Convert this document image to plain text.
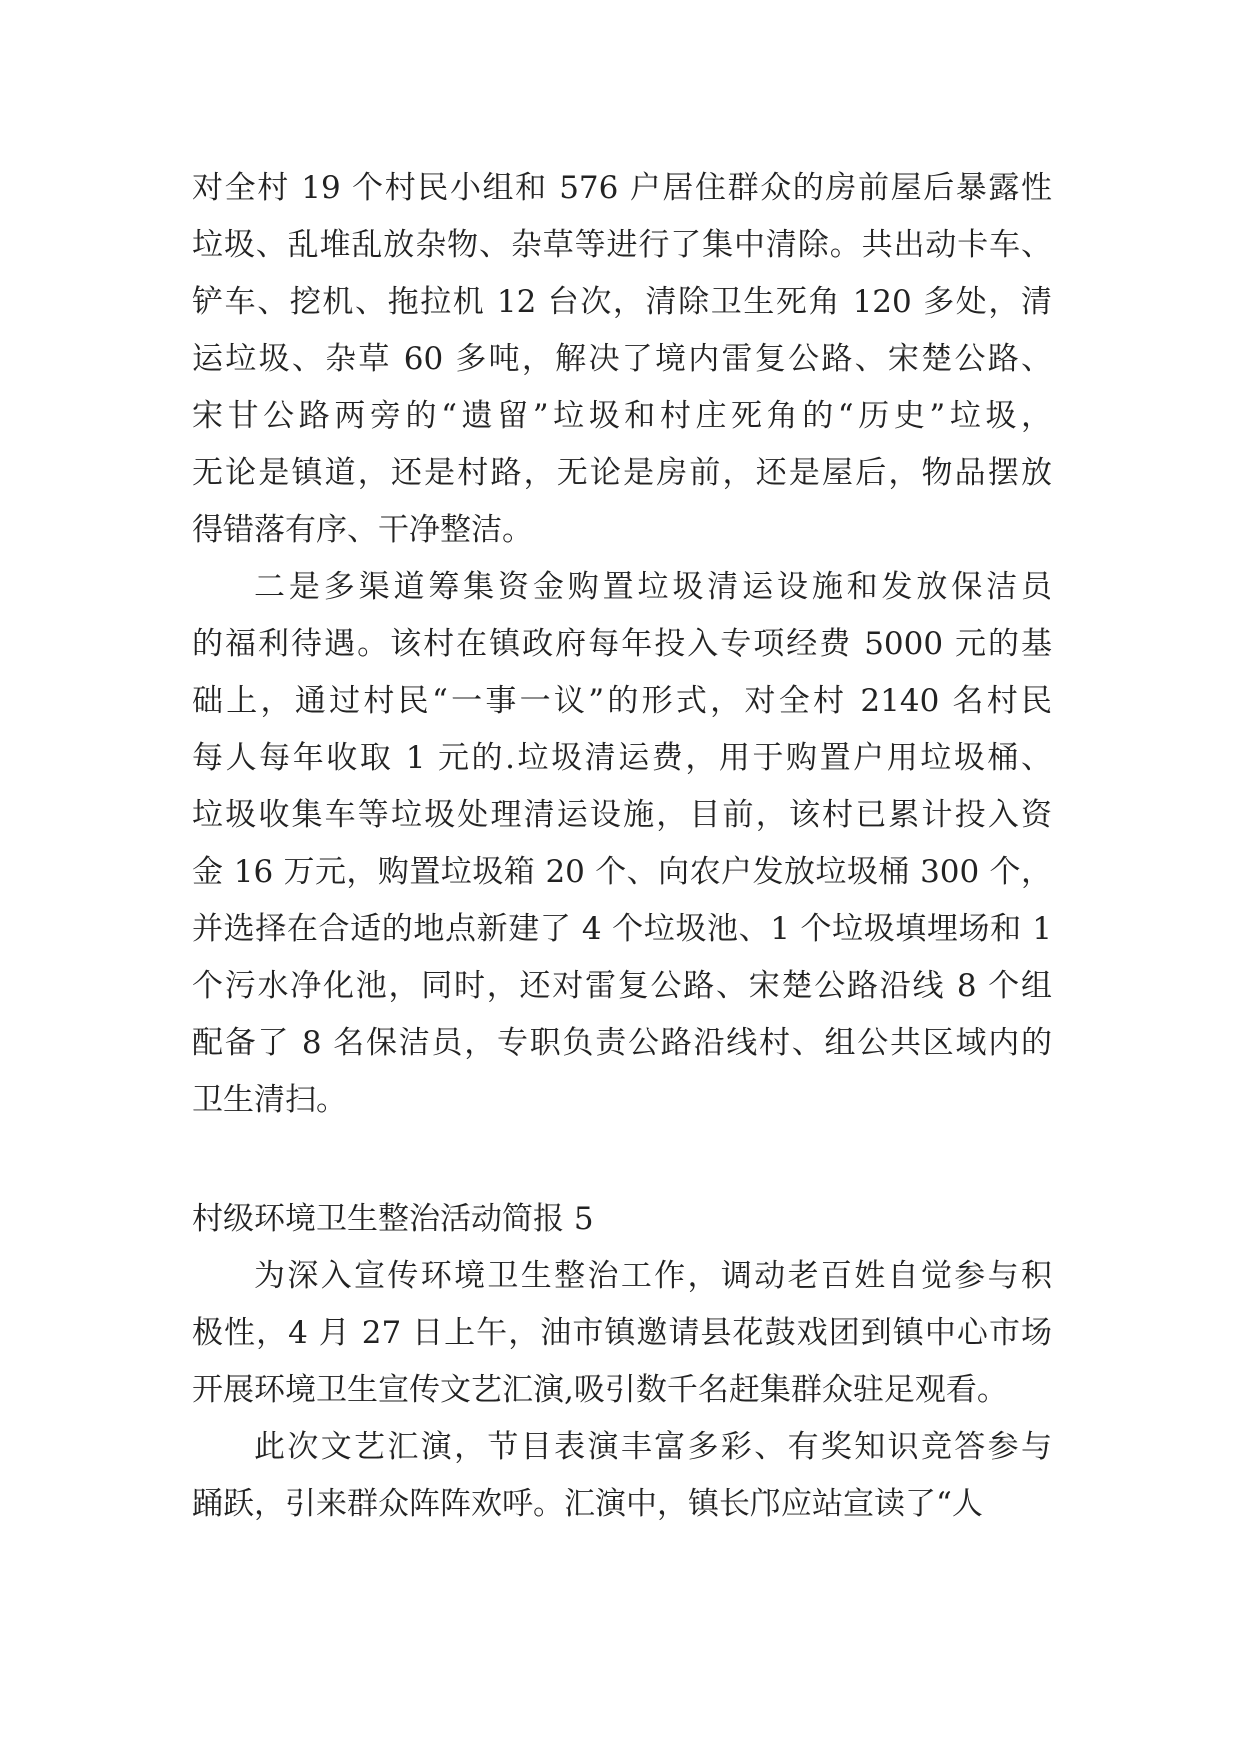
对全村 19 个村民小组和 576 户居住群众的房前屋后暴露性
垃圾、乱堆乱放杂物、杂草等进行了集中清除。共出动卡车、
铲车、挖机、拖拉机 12 台次，清除卫生死角 120 多处，清
运垃圾、杂草 60 多吨，解决了境内雷复公路、宋楚公路、
宋甘公路两旁的“遗留”垃圾和村庄死角的“历史”垃圾，
无论是镇道，还是村路，无论是房前，还是屋后，物品摆放
得错落有序、干净整洁。
二是多渠道筹集资金购置垃圾清运设施和发放保洁员
的福利待遇。该村在镇政府每年投入专项经费 5000 元的基
础上，通过村民“一事一议”的形式，对全村 2140 名村民
每人每年收取 1 元的.垃圾清运费，用于购置户用垃圾桶、
垃圾收集车等垃圾处理清运设施，目前，该村已累计投入资
金 16 万元，购置垃圾箱 20 个、向农户发放垃圾桶 300 个，
并选择在合适的地点新建了 4 个垃圾池、1 个垃圾填埋场和 1
个污水净化池，同时，还对雷复公路、宋楚公路沿线 8 个组
配备了 8 名保洁员，专职负责公路沿线村、组公共区域内的
卫生清扫。
村级环境卫生整治活动简报 5
为深入宣传环境卫生整治工作，调动老百姓自觉参与积
极性，4 月 27 日上午，油市镇邀请县花鼓戏团到镇中心市场
开展环境卫生宣传文艺汇演,吸引数千名赶集群众驻足观看。
此次文艺汇演，节目表演丰富多彩、有奖知识竞答参与
踊跃，引来群众阵阵欢呼。汇演中，镇长邝应站宣读了“人
